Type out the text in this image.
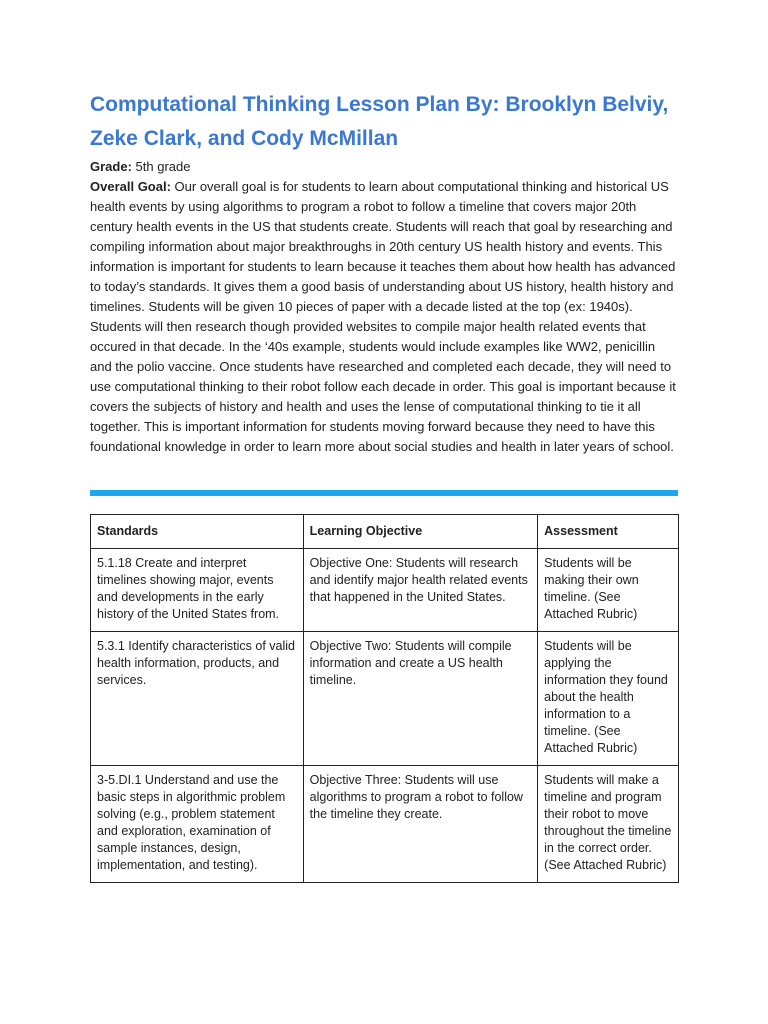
Computational Thinking Lesson Plan By: Brooklyn Belviy, Zeke Clark, and Cody McMillan

Grade: 5th grade

Overall Goal: Our overall goal is for students to learn about computational thinking and historical US health events by using algorithms to program a robot to follow a timeline that covers major 20th century health events in the US that students create. Students will reach that goal by researching and compiling information about major breakthroughs in 20th century US health history and events. This information is important for students to learn because it teaches them about how health has advanced to today’s standards. It gives them a good basis of understanding about US history, health history and timelines. Students will be given 10 pieces of paper with a decade listed at the top (ex: 1940s). Students will then research though provided websites to compile major health related events that occured in that decade. In the ‘40s example, students would include examples like WW2, penicillin and the polio vaccine. Once students have researched and completed each decade, they will need to use computational thinking to their robot follow each decade in order. This goal is important because it covers the subjects of history and health and uses the lense of computational thinking to tie it all together. This is important information for students moving forward because they need to have this foundational knowledge in order to learn more about social studies and health in later years of school.

Standards	Learning Objective	Assessment
5.1.18 Create and interpret timelines showing major, events and developments in the early history of the United States from.	Objective One: Students will research and identify major health related events that happened in the United States.	Students will be making their own timeline. (See Attached Rubric)
5.3.1 Identify characteristics of valid health information, products, and services.	Objective Two: Students will compile information and create a US health timeline.	Students will be applying the information they found about the health information to a timeline. (See Attached Rubric)
3-5.DI.1 Understand and use the basic steps in algorithmic problem solving (e.g., problem statement and exploration, examination of sample instances, design, implementation, and testing).	Objective Three: Students will use algorithms to program a robot to follow the timeline they create.	Students will make a timeline and program their robot to move throughout the timeline in the correct order. (See Attached Rubric)
